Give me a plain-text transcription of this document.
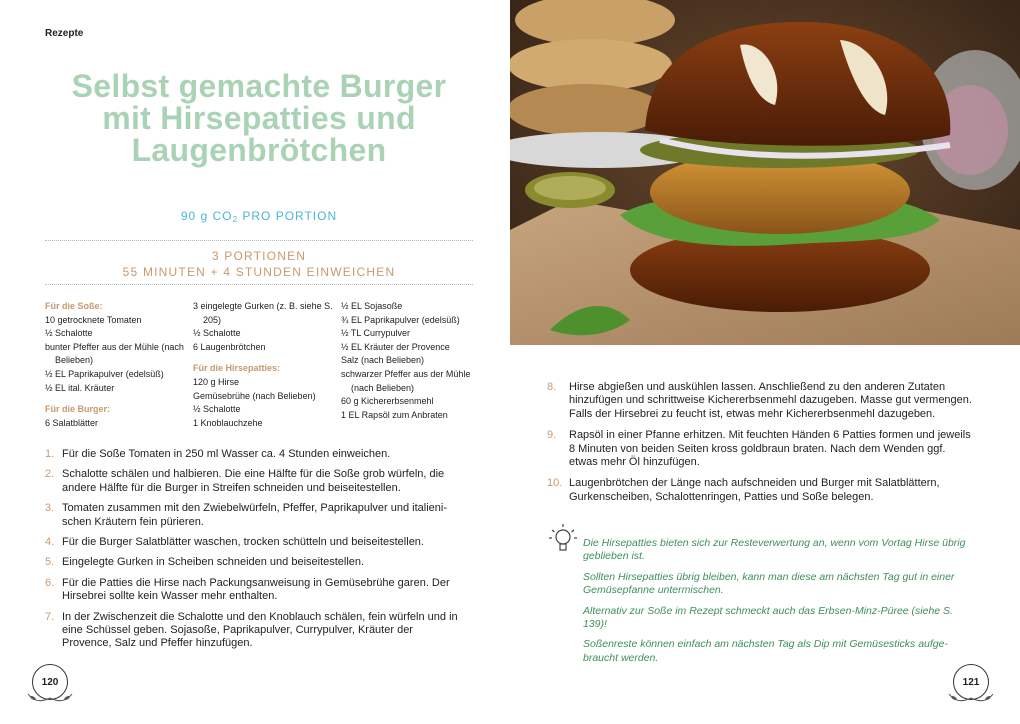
Rezepte
Selbst gemachte Burger
mit Hirsepatties und
Laugenbrötchen
90 g $CO_2$ PRO PORTION
3 PORTIONEN
55 MINUTEN + 4 STUNDEN EINWEICHEN
Für die Soße:
10 getrocknete Tomaten
½ Schalotte
bunter Pfeffer aus der Mühle (nach Belieben)
½ EL Paprikapulver (edelsüß)
½ EL ital. Kräuter
Für die Burger:
6 Salatblätter
3 eingelegte Gurken (z. B. siehe S. 205)
½ Schalotte
6 Laugenbrötchen
Für die Hirsepatties:
120 g Hirse
Gemüsebrühe (nach Belieben)
½ Schalotte
1 Knoblauchzehe
½ EL Sojasoße
¾ EL Paprikapulver (edelsüß)
½ TL Currypulver
½ EL Kräuter der Provence
Salz (nach Belieben)
schwarzer Pfeffer aus der Mühle (nach Belieben)
60 g Kichererbsenmehl
1 EL Rapsöl zum Anbraten
1. Für die Soße Tomaten in 250 ml Wasser ca. 4 Stunden einweichen.
2. Schalotte schälen und halbieren. Die eine Hälfte für die Soße grob würfeln, die andere Hälfte für die Burger in Streifen schneiden und beiseitestellen.
3. Tomaten zusammen mit den Zwiebelwürfeln, Pfeffer, Paprikapulver und italieni-schen Kräutern fein pürieren.
4. Für die Burger Salatblätter waschen, trocken schütteln und beiseitestellen.
5. Eingelegte Gurken in Scheiben schneiden und beiseitestellen.
6. Für die Patties die Hirse nach Packungsanweisung in Gemüsebrühe garen. Der Hirsebrei sollte kein Wasser mehr enthalten.
7. In der Zwischenzeit die Schalotte und den Knoblauch schälen, fein würfeln und in eine Schüssel geben. Sojasoße, Paprikapulver, Currypulver, Kräuter der Provence, Salz und Pfeffer hinzufügen.
120
8. Hirse abgießen und auskühlen lassen. Anschließend zu den anderen Zutaten hinzufügen und schrittweise Kichererbsenmehl dazugeben. Masse gut vermengen. Falls der Hirsebrei zu feucht ist, etwas mehr Kichererbsenmehl dazugeben.
9. Rapsöl in einer Pfanne erhitzen. Mit feuchten Händen 6 Patties formen und jeweils 8 Minuten von beiden Seiten kross goldbraun braten. Nach dem Wenden ggf. etwas mehr Öl hinzufügen.
10. Laugenbrötchen der Länge nach aufschneiden und Burger mit Salatblättern, Gurkenscheiben, Schalottenringen, Patties und Soße belegen.
Die Hirsepatties bieten sich zur Resteverwertung an, wenn vom Vortag Hirse übrig geblieben ist.
Sollten Hirsepatties übrig bleiben, kann man diese am nächsten Tag gut in einer Gemüsepfanne untermischen.
Alternativ zur Soße im Rezept schmeckt auch das Erbsen-Minz-Püree (siehe S. 139)!
Soßenreste können einfach am nächsten Tag als Dip mit Gemüsesticks aufge-braucht werden.
121
